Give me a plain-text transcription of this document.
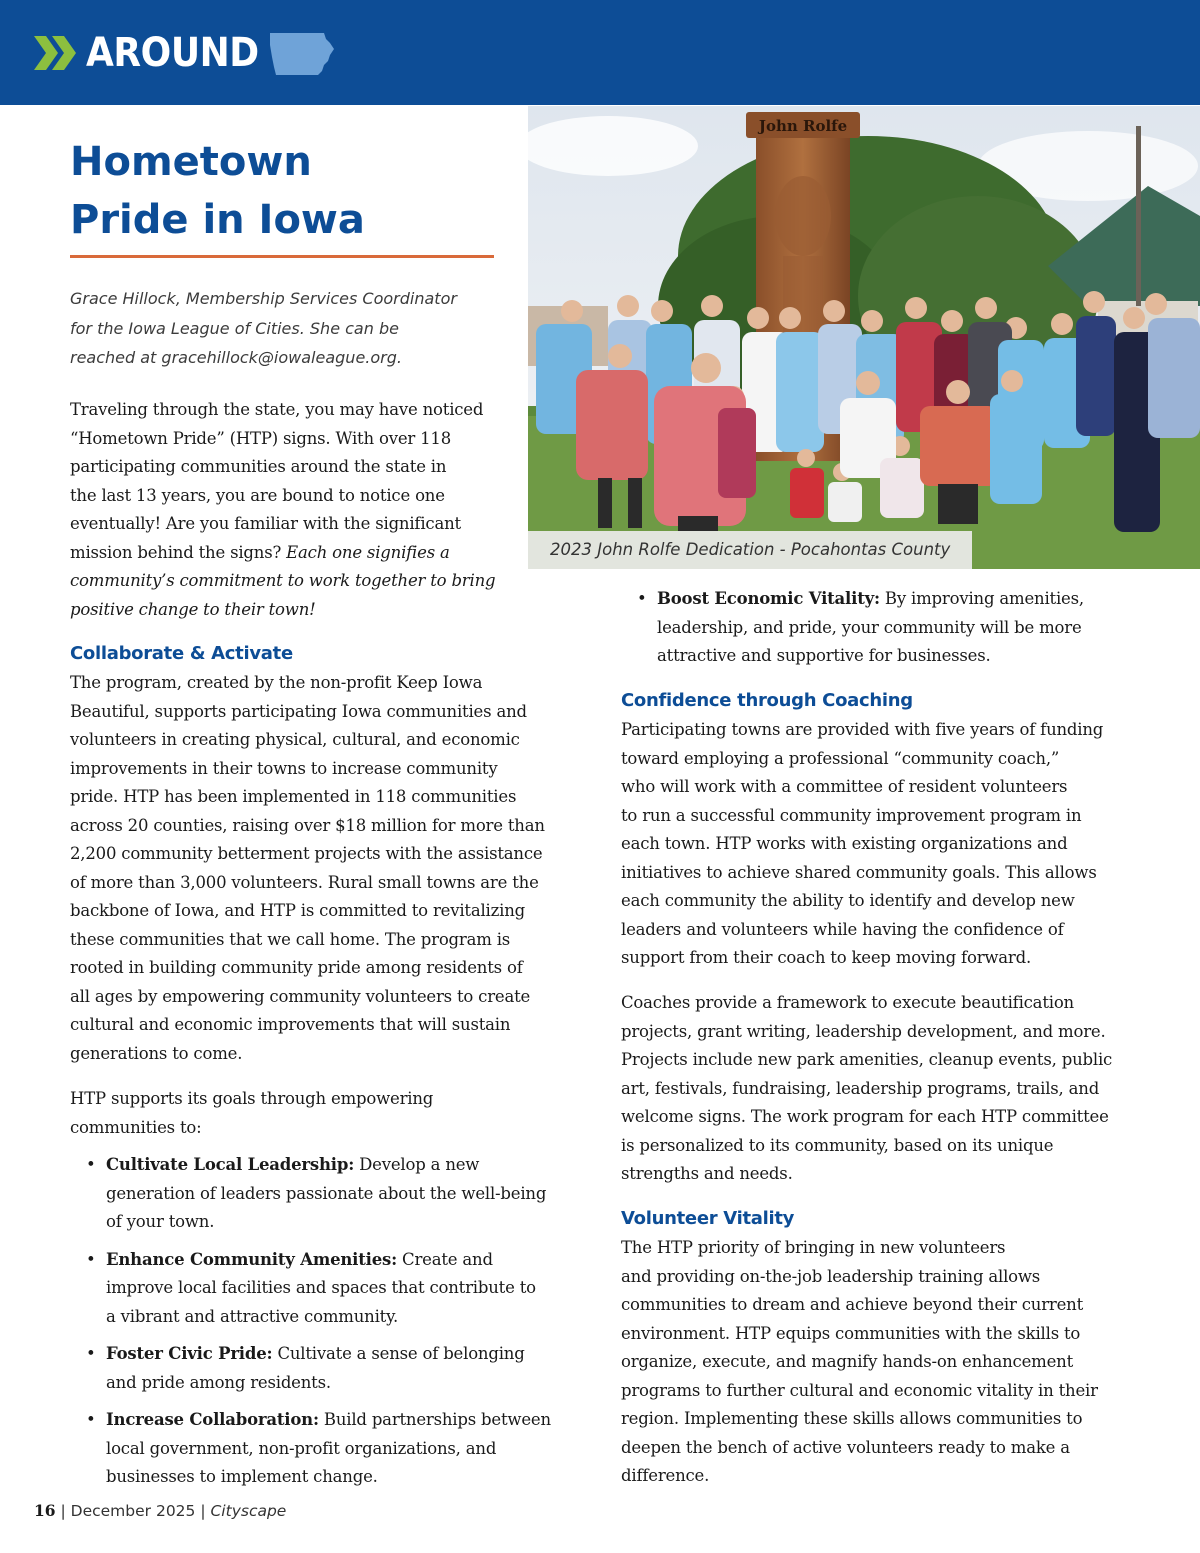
AROUND
Hometown
Pride in Iowa
Grace Hillock, Membership Services Coordinator
for the Iowa League of Cities. She can be
reached at gracehillock@iowaleague.org.
John Rolfe
2023 John Rolfe Dedication - Pocahontas County
Traveling through the state, you may have noticed
“Hometown Pride” (HTP) signs. With over 118
participating communities around the state in
the last 13 years, you are bound to notice one
eventually! Are you familiar with the significant
mission behind the signs? Each one signifies a
community’s commitment to work together to bring
positive change to their town!
Collaborate & Activate
The program, created by the non-profit Keep Iowa
Beautiful, supports participating Iowa communities and
volunteers in creating physical, cultural, and economic
improvements in their towns to increase community
pride. HTP has been implemented in 118 communities
across 20 counties, raising over $18 million for more than
2,200 community betterment projects with the assistance
of more than 3,000 volunteers. Rural small towns are the
backbone of Iowa, and HTP is committed to revitalizing
these communities that we call home. The program is
rooted in building community pride among residents of
all ages by empowering community volunteers to create
cultural and economic improvements that will sustain
generations to come.
HTP supports its goals through empowering
communities to:
• Cultivate Local Leadership: Develop a new
generation of leaders passionate about the well-being
of your town.
• Enhance Community Amenities: Create and
improve local facilities and spaces that contribute to
a vibrant and attractive community.
• Foster Civic Pride: Cultivate a sense of belonging
and pride among residents.
• Increase Collaboration: Build partnerships between
local government, non-profit organizations, and
businesses to implement change.
• Boost Economic Vitality: By improving amenities,
leadership, and pride, your community will be more
attractive and supportive for businesses.
Confidence through Coaching
Participating towns are provided with five years of funding
toward employing a professional “community coach,”
who will work with a committee of resident volunteers
to run a successful community improvement program in
each town. HTP works with existing organizations and
initiatives to achieve shared community goals. This allows
each community the ability to identify and develop new
leaders and volunteers while having the confidence of
support from their coach to keep moving forward.
Coaches provide a framework to execute beautification
projects, grant writing, leadership development, and more.
Projects include new park amenities, cleanup events, public
art, festivals, fundraising, leadership programs, trails, and
welcome signs. The work program for each HTP committee
is personalized to its community, based on its unique
strengths and needs.
Volunteer Vitality
The HTP priority of bringing in new volunteers
and providing on-the-job leadership training allows
communities to dream and achieve beyond their current
environment. HTP equips communities with the skills to
organize, execute, and magnify hands-on enhancement
programs to further cultural and economic vitality in their
region. Implementing these skills allows communities to
deepen the bench of active volunteers ready to make a
difference.
16 | December 2025 | Cityscape
